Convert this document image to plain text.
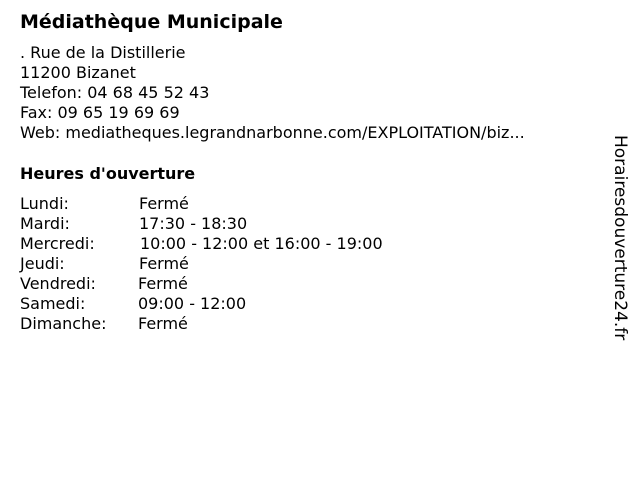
Médiathèque Municipale
. Rue de la Distillerie
11200 Bizanet
Telefon: 04 68 45 52 43
Fax: 09 65 19 69 69
Web: mediatheques.legrandnarbonne.com/EXPLOITATION/biz...
Heures d'ouverture
Lundi:	Fermé
Mardi:	17:30 - 18:30
Mercredi:	10:00 - 12:00 et 16:00 - 19:00
Jeudi:	Fermé
Vendredi:	Fermé
Samedi:	09:00 - 12:00
Dimanche: Fermé	Horairesdouverture24.fr
